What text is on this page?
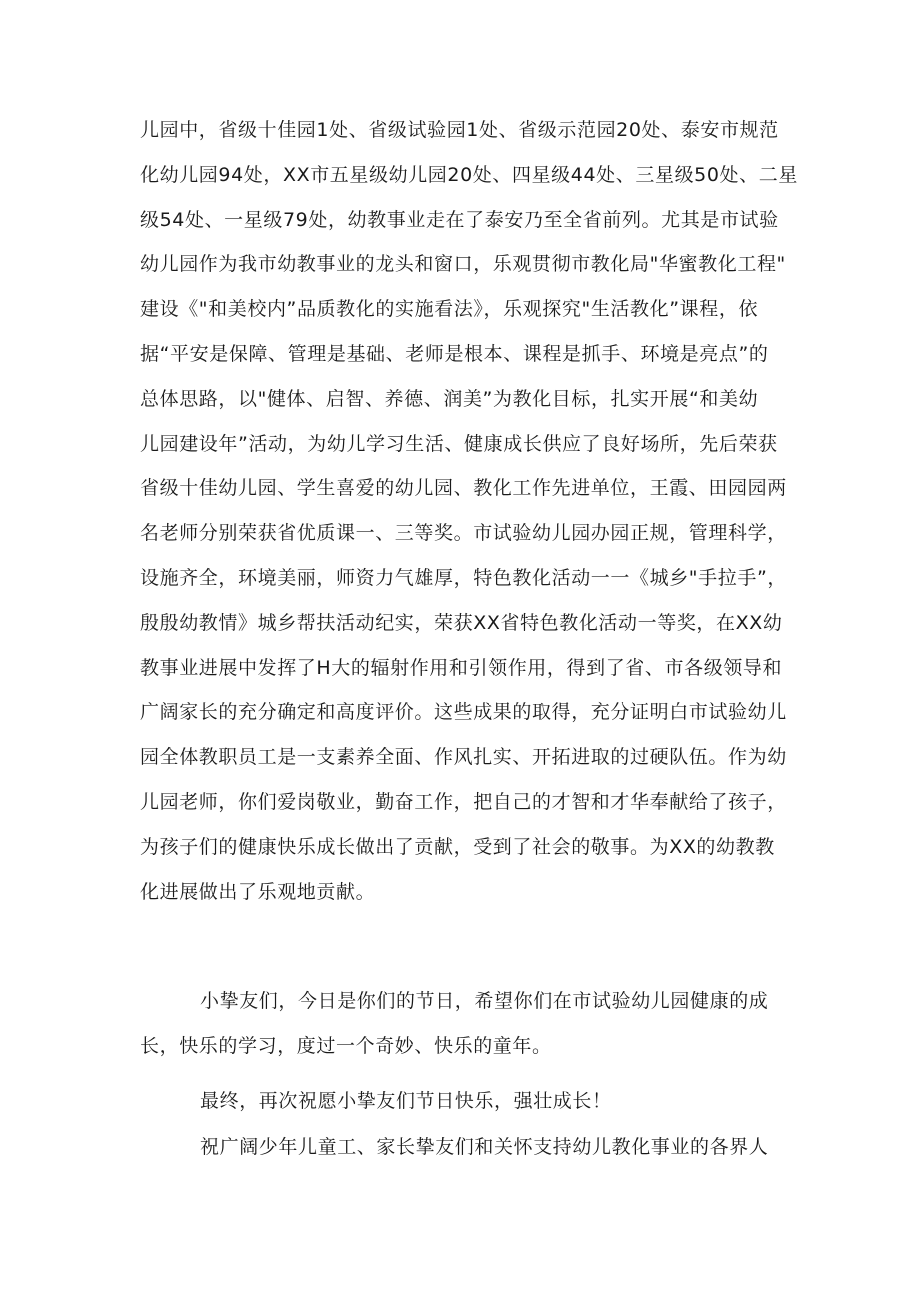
儿园中，省级十佳园1处、省级试验园1处、省级示范园20处、泰安市规范
化幼儿园94处，XX市五星级幼儿园20处、四星级44处、三星级50处、二星
级54处、一星级79处，幼教事业走在了泰安乃至全省前列。尤其是市试验
幼儿园作为我市幼教事业的龙头和窗口，乐观贯彻市教化局"华蜜教化工程"
建设《"和美校内”品质教化的实施看法》，乐观探究"生活教化”课程，依
据“平安是保障、管理是基础、老师是根本、课程是抓手、环境是亮点”的
总体思路，以"健体、启智、养德、润美”为教化目标，扎实开展“和美幼
儿园建设年”活动，为幼儿学习生活、健康成长供应了良好场所，先后荣获
省级十佳幼儿园、学生喜爱的幼儿园、教化工作先进单位，王霞、田园园两
名老师分别荣获省优质课一、三等奖。市试验幼儿园办园正规，管理科学，
设施齐全，环境美丽，师资力气雄厚，特色教化活动一一《城乡"手拉手”，
殷殷幼教情》城乡帮扶活动纪实，荣获XX省特色教化活动一等奖，在XX幼
教事业进展中发挥了H大的辐射作用和引领作用，得到了省、市各级领导和
广阔家长的充分确定和高度评价。这些成果的取得，充分证明白市试验幼儿
园全体教职员工是一支素养全面、作风扎实、开拓进取的过硬队伍。作为幼
儿园老师，你们爱岗敬业，勤奋工作，把自己的才智和才华奉献给了孩子，
为孩子们的健康快乐成长做出了贡献，受到了社会的敬事。为XX的幼教教
化进展做出了乐观地贡献。
小挚友们，今日是你们的节日，希望你们在市试验幼儿园健康的成
长，快乐的学习，度过一个奇妙、快乐的童年。
最终，再次祝愿小挚友们节日快乐，强壮成长！
祝广阔少年儿童工、家长挚友们和关怀支持幼儿教化事业的各界人
